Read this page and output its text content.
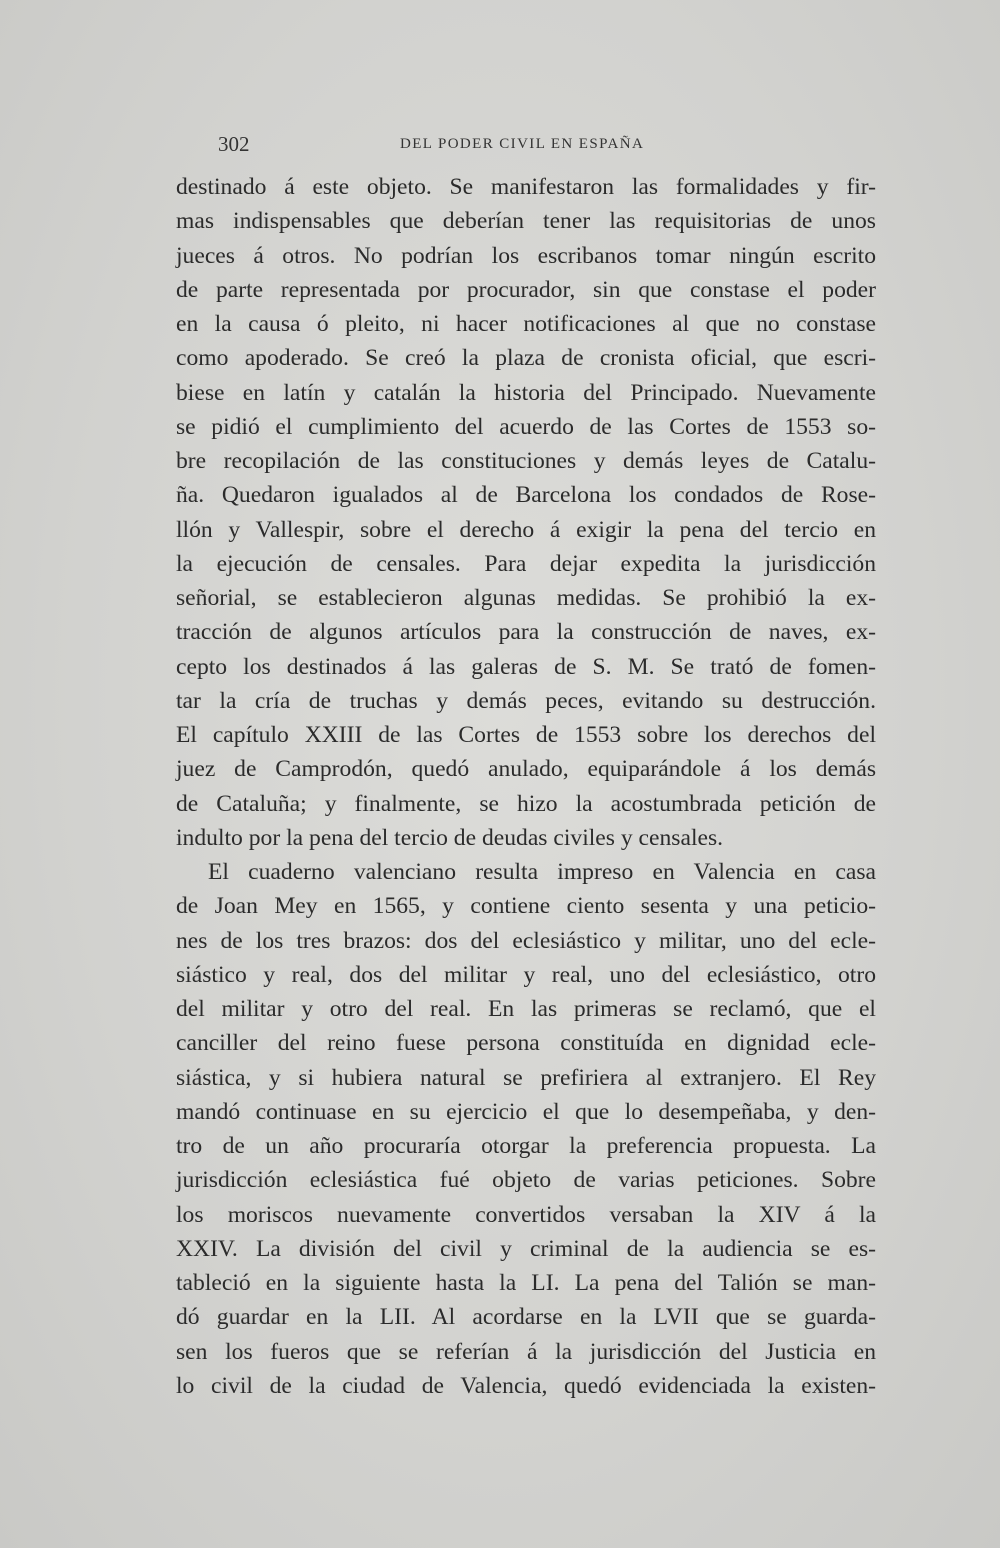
302	DEL PODER CIVIL EN ESPAÑA
destinado á este objeto. Se manifestaron las formalidades y fir-
mas indispensables que deberían tener las requisitorias de unos
jueces á otros. No podrían los escribanos tomar ningún escrito
de parte representada por procurador, sin que constase el poder
en la causa ó pleito, ni hacer notificaciones al que no constase
como apoderado. Se creó la plaza de cronista oficial, que escri-
biese en latín y catalán la historia del Principado. Nuevamente
se pidió el cumplimiento del acuerdo de las Cortes de 1553 so-
bre recopilación de las constituciones y demás leyes de Catalu-
ña. Quedaron igualados al de Barcelona los condados de Rose-
llón y Vallespir, sobre el derecho á exigir la pena del tercio en
la ejecución de censales. Para dejar expedita la jurisdicción
señorial, se establecieron algunas medidas. Se prohibió la ex-
tracción de algunos artículos para la construcción de naves, ex-
cepto los destinados á las galeras de S. M. Se trató de fomen-
tar la cría de truchas y demás peces, evitando su destrucción.
El capítulo XXIII de las Cortes de 1553 sobre los derechos del
juez de Camprodón, quedó anulado, equiparándole á los demás
de Cataluña; y finalmente, se hizo la acostumbrada petición de
indulto por la pena del tercio de deudas civiles y censales.
El cuaderno valenciano resulta impreso en Valencia en casa
de Joan Mey en 1565, y contiene ciento sesenta y una peticio-
nes de los tres brazos: dos del eclesiástico y militar, uno del ecle-
siástico y real, dos del militar y real, uno del eclesiástico, otro
del militar y otro del real. En las primeras se reclamó, que el
canciller del reino fuese persona constituída en dignidad ecle-
siástica, y si hubiera natural se prefiriera al extranjero. El Rey
mandó continuase en su ejercicio el que lo desempeñaba, y den-
tro de un año procuraría otorgar la preferencia propuesta. La
jurisdicción eclesiástica fué objeto de varias peticiones. Sobre
los moriscos nuevamente convertidos versaban la XIV á la
XXIV. La división del civil y criminal de la audiencia se es-
tableció en la siguiente hasta la LI. La pena del Talión se man-
dó guardar en la LII. Al acordarse en la LVII que se guarda-
sen los fueros que se referían á la jurisdicción del Justicia en
lo civil de la ciudad de Valencia, quedó evidenciada la existen-
